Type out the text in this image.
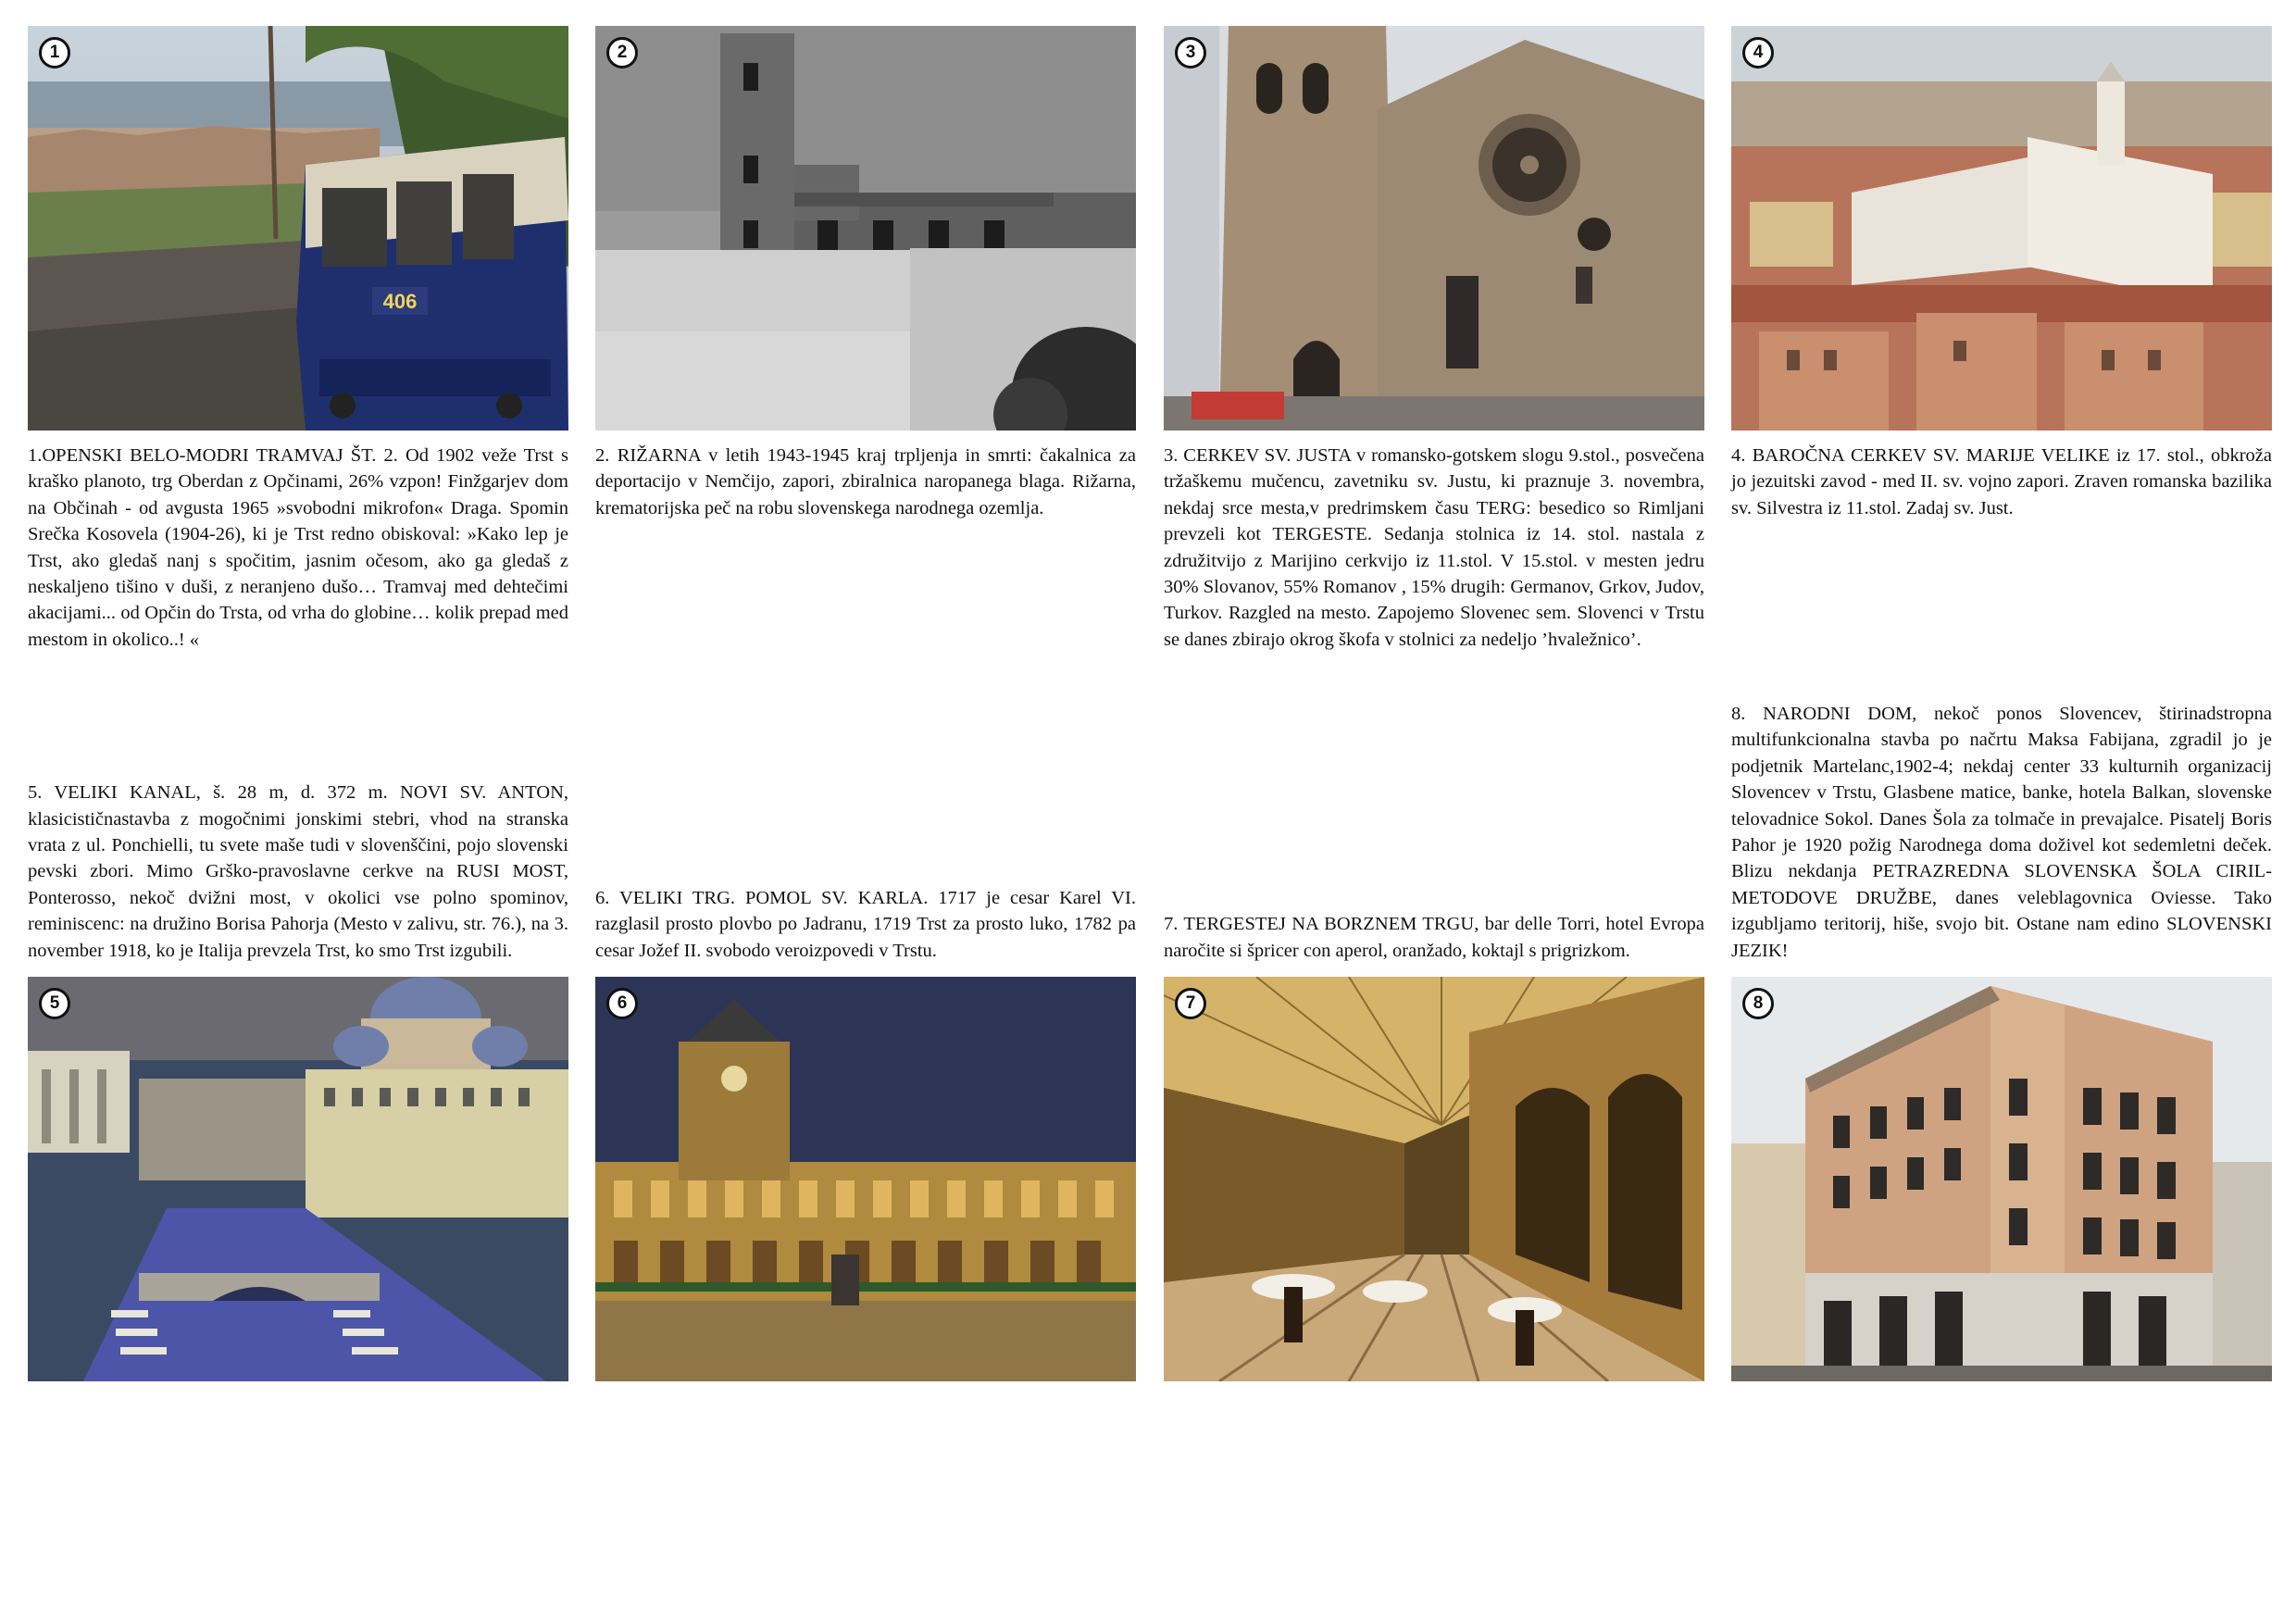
1
406
2	3	4

1.OPENSKI BELO-MODRI TRAMVAJ ŠT. 2. Od 1902 veže Trst s kraško planoto, trg Oberdan z Opčinami, 26% vzpon! Finžgarjev dom na Občinah - od avgusta 1965 »svobodni mikrofon« Draga. Spomin Srečka Kosovela (1904-26), ki je Trst redno obiskoval: »Kako lep je Trst, ako gledaš nanj s spočitim, jasnim očesom, ako ga gledaš z neskaljeno tišino v duši, z neranjeno dušo… Tramvaj med dehtečimi akacijami... od Opčin do Trsta, od vrha do globine… kolik prepad med mestom in okolico..! «

2. RIŽARNA v letih 1943-1945 kraj trpljenja in smrti: čakalnica za deportacijo v Nemčijo, zapori, zbiralnica naropanega blaga. Rižarna, krematorijska peč na robu slovenskega narodnega ozemlja.

3. CERKEV SV. JUSTA v romansko-gotskem slogu 9.stol., posvečena tržaškemu mučencu, zavetniku sv. Justu, ki praznuje 3. novembra, nekdaj srce mesta,v predrimskem času TERG: besedico so Rimljani prevzeli kot TERGESTE. Sedanja stolnica iz 14. stol. nastala z združitvijo z Marijino cerkvijo iz 11.stol. V 15.stol. v mesten jedru 30% Slovanov, 55% Romanov , 15% drugih: Germanov, Grkov, Judov, Turkov. Razgled na mesto. Zapojemo Slovenec sem. Slovenci v Trstu se danes zbirajo okrog škofa v stolnici za nedeljo ’hvaležnico’.

4. BAROČNA CERKEV SV. MARIJE VELIKE iz 17. stol., obkroža jo jezuitski zavod - med II. sv. vojno zapori. Zraven romanska bazilika sv. Silvestra iz 11.stol. Zadaj sv. Just.

5. VELIKI KANAL, š. 28 m, d. 372 m. NOVI SV. ANTON, klasicističnastavba z mogočnimi jonskimi stebri, vhod na stranska vrata z ul. Ponchielli, tu svete maše tudi v slovenščini, pojo slovenski pevski zbori. Mimo Grško-pravoslavne cerkve na RUSI MOST, Ponterosso, nekoč dvižni most, v okolici vse polno spominov, reminiscenc: na družino Borisa Pahorja (Mesto v zalivu, str. 76.), na 3. november 1918, ko je Italija prevzela Trst, ko smo Trst izgubili.

6. VELIKI TRG. POMOL SV. KARLA. 1717 je cesar Karel VI. razglasil prosto plovbo po Jadranu, 1719 Trst za prosto luko, 1782 pa cesar Jožef II. svobodo veroizpovedi v Trstu.

7. TERGESTEJ NA BORZNEM TRGU, bar delle Torri, hotel Evropa naročite si špricer con aperol, oranžado, koktajl s prigrizkom.

8. NARODNI DOM, nekoč ponos Slovencev, štirinadstropna multifunkcionalna stavba po načrtu Maksa Fabijana, zgradil jo je podjetnik Martelanc,1902-4; nekdaj center 33 kulturnih organizacij Slovencev v Trstu, Glasbene matice, banke, hotela Balkan, slovenske telovadnice Sokol. Danes Šola za tolmače in prevajalce. Pisatelj Boris Pahor je 1920 požig Narodnega doma doživel kot sedemletni deček. Blizu nekdanja PETRAZREDNA SLOVENSKA ŠOLA CIRIL-METODOVE DRUŽBE, danes veleblagovnica Oviesse. Tako izgubljamo teritorij, hiše, svojo bit. Ostane nam edino SLOVENSKI JEZIK!

5	6	7	8
